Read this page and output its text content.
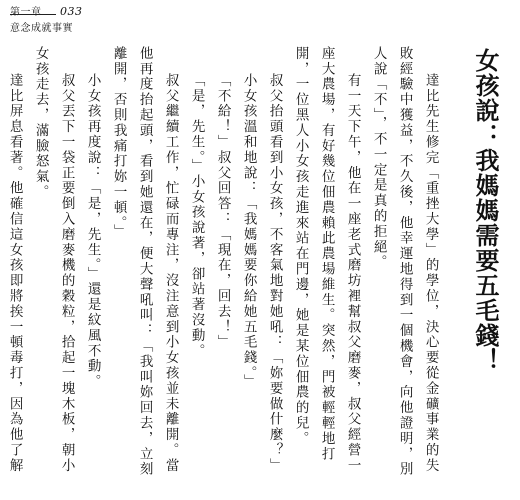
第一章 033
意念成就事實
女孩說：我媽媽需要五毛錢！

達比先生修完「重挫大學」的學位，決心要從金礦事業的失敗經驗中獲益，不久後，他幸運地得到一個機會，向他證明，別人說「不」，不一定是真的拒絕。

有一天下午，他在一座老式磨坊裡幫叔父磨麥，叔父經營一座大農場，有好幾位佃農賴此農場維生。突然，門被輕輕地打開，一位黑人小女孩走進來站在門邊，她是某位佃農的兒。

叔父抬頭看到小女孩，不客氣地對她吼：「妳要做什麼？」

小女孩溫和地說：「我媽媽要你給她五毛錢。」

「不給！」叔父回答：「現在，回去！」

「是，先生。」小女孩說著，卻站著沒動。

叔父繼續工作，忙碌而專注，沒注意到小女孩並未離開。當他再度抬起頭，看到她還在，便大聲吼叫：「我叫妳回去，立刻離開，否則我痛打妳一頓。」

小女孩再度說：「是，先生。」還是紋風不動。

叔父丟下一袋正要倒入磨麥機的穀粒，拾起一塊木板，朝小女孩走去，滿臉怒氣。

達比屏息看著。他確信這女孩即將挨一頓毒打，因為他了解
